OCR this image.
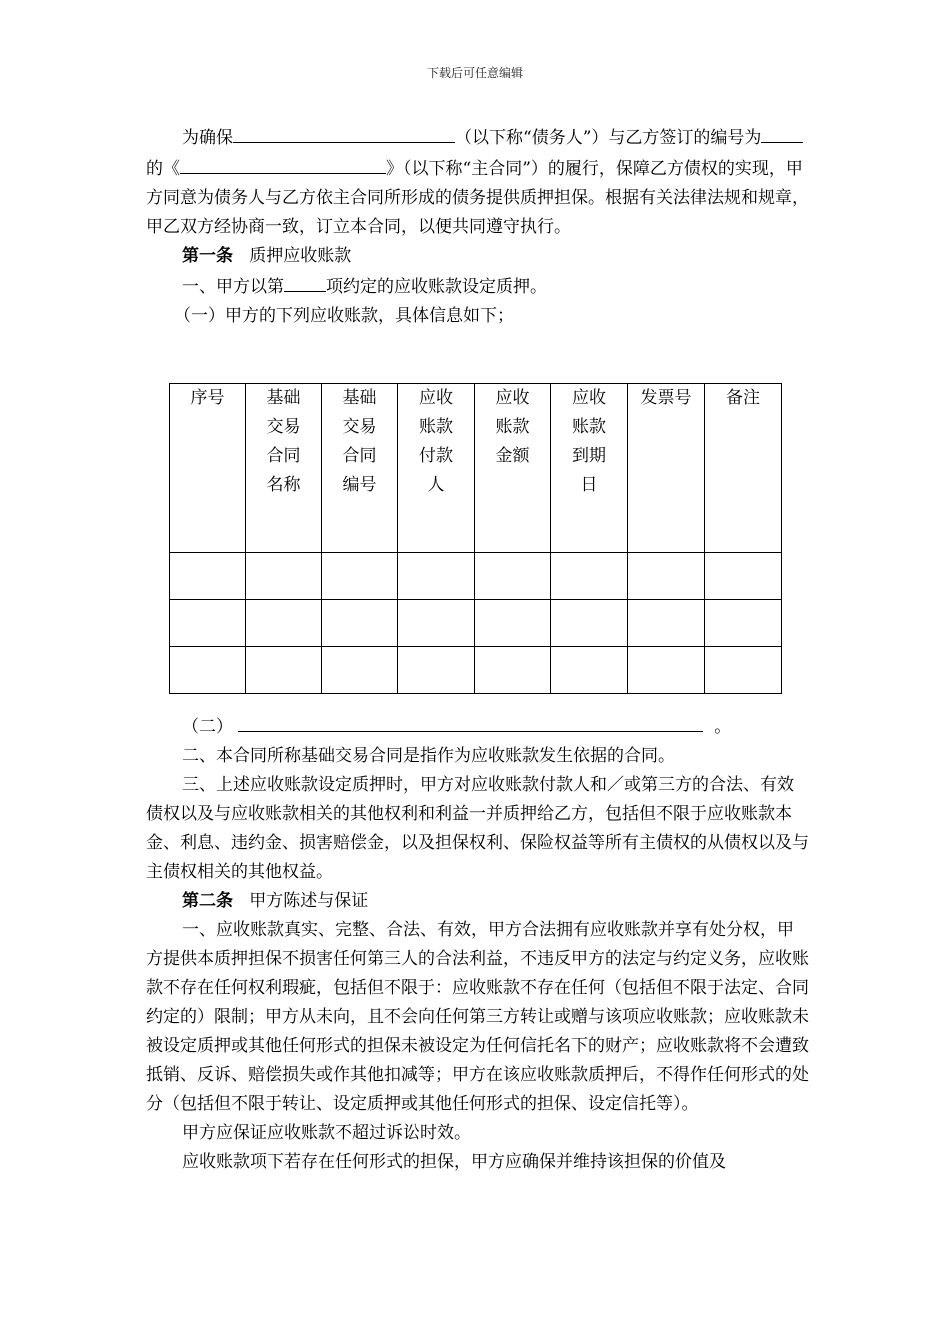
下载后可任意编辑

为确保	（以下称“债务人”）与乙方签订的编号为的《	》（以下称“主合同”）的履行，保障乙方债权的实现，甲方同意为债务人与乙方依主合同所形成的债务提供质押担保。根据有关法律法规和规章，甲乙双方经协商一致，订立本合同，以便共同遵守执行。

第一条 质押应收账款

一、甲方以第 项约定的应收账款设定质押。

（一）甲方的下列应收账款，具体信息如下；

序号	基础交易合同名称	基础交易合同编号	应收账款付款人	应收账款金额	应收账款到期日	发票号	备注

（二）	。

二、本合同所称基础交易合同是指作为应收账款发生依据的合同。

三、上述应收账款设定质押时，甲方对应收账款付款人和／或第三方的合法、有效债权以及与应收账款相关的其他权利和利益一并质押给乙方，包括但不限于应收账款本金、利息、违约金、损害赔偿金，以及担保权利、保险权益等所有主债权的从债权以及与主债权相关的其他权益。

第二条 甲方陈述与保证

一、应收账款真实、完整、合法、有效，甲方合法拥有应收账款并享有处分权，甲方提供本质押担保不损害任何第三人的合法利益，不违反甲方的法定与约定义务，应收账款不存在任何权利瑕疵，包括但不限于：应收账款不存在任何（包括但不限于法定、合同约定的）限制；甲方从未向，且不会向任何第三方转让或赠与该项应收账款；应收账款未被设定质押或其他任何形式的担保未被设定为任何信托名下的财产；应收账款将不会遭致抵销、反诉、赔偿损失或作其他扣减等；甲方在该应收账款质押后，不得作任何形式的处分（包括但不限于转让、设定质押或其他任何形式的担保、设定信托等）。

甲方应保证应收账款不超过诉讼时效。

应收账款项下若存在任何形式的担保，甲方应确保并维持该担保的价值及
